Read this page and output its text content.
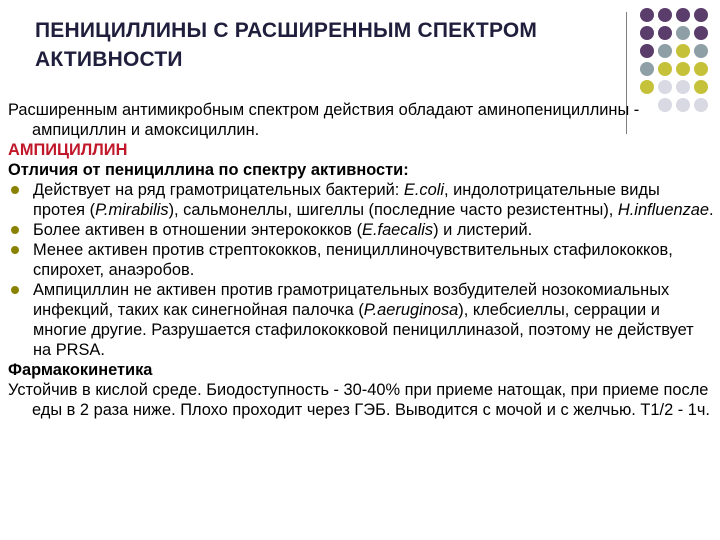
ПЕНИЦИЛЛИНЫ С РАСШИРЕННЫМ СПЕКТРОМ АКТИВНОСТИ

Расширенным антимикробным спектром действия обладают аминопенициллины - ампициллин и амоксициллин.

АМПИЦИЛЛИН

Отличия от пенициллина по спектру активности:

Действует на ряд грамотрицательных бактерий: E.coli, индолотрицательные виды протея (P.mirabilis), сальмонеллы, шигеллы (последние часто резистентны), H.influenzae.
Более активен в отношении энтерококков (E.faecalis) и листерий.
Менее активен против стрептококков, пенициллиночувствительных стафилококков, спирохет, анаэробов.
Ампициллин не активен против грамотрицательных возбудителей нозокомиальных инфекций, таких как синегнойная палочка (P.aeruginosa), клебсиеллы, серрации и многие другие. Разрушается стафилококковой пенициллиназой, поэтому не действует на PRSA.

Фармакокинетика

Устойчив в кислой среде. Биодоступность - 30-40% при приеме натощак, при приеме после еды в 2 раза ниже. Плохо проходит через ГЭБ. Выводится с мочой и с желчью. Т1/2 - 1ч.
